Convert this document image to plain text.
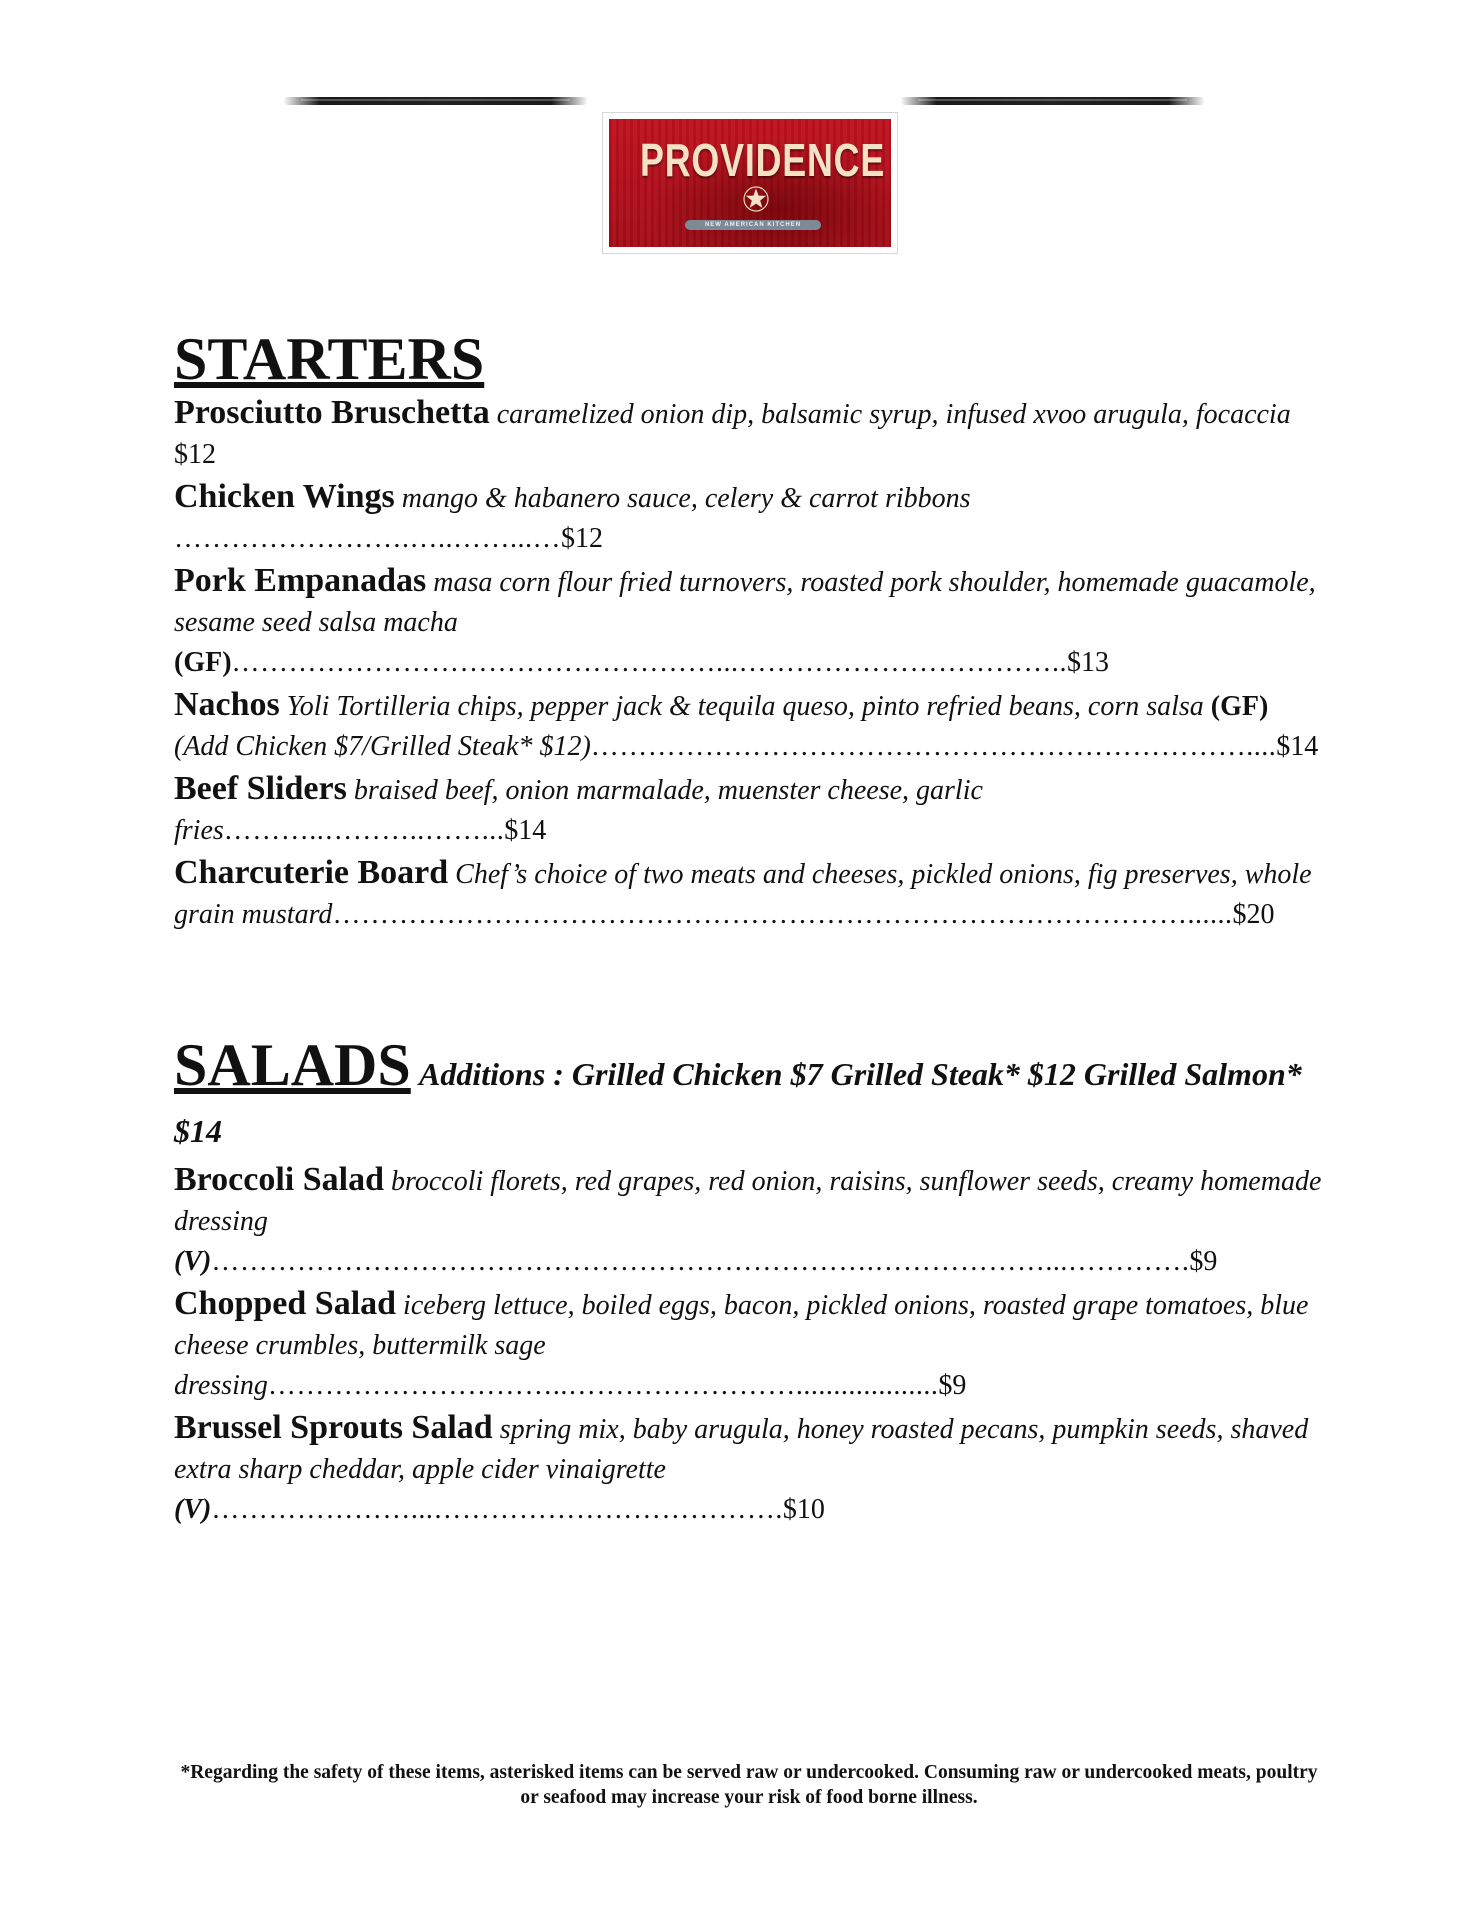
PROVIDENCE
NEW AMERICAN KITCHEN
STARTERS

Prosciutto Bruschetta caramelized onion dip, balsamic syrup, infused xvoo arugula, focaccia $12

Chicken Wings mango & habanero sauce, celery & carrot ribbons
…………………….…..……...…$12

Pork Empanadas masa corn flour fried turnovers, roasted pork shoulder, homemade guacamole, sesame seed salsa macha
(GF)……………………………………………...……………………………..$13

Nachos Yoli Tortilleria chips, pepper jack & tequila queso, pinto refried beans, corn salsa (GF) (Add Chicken $7/Grilled Steak* $12)……………………………………………………………....$14

Beef Sliders braised beef, onion marmalade, muenster cheese, garlic fries………..………..……...$14

Charcuterie Board Chef’s choice of two meats and cheeses, pickled onions, fig preserves, whole grain mustard………………………………………………………………………………......$20

SALADS Additions : Grilled Chicken $7 Grilled Steak* $12 Grilled Salmon* $14

Broccoli Salad broccoli florets, red grapes, red onion, raisins, sunflower seeds, creamy homemade dressing
(V)…………………………………………………………….………………...………….$9

Chopped Salad iceberg lettuce, boiled eggs, bacon, pickled onions, roasted grape tomatoes, blue cheese crumbles, buttermilk sage dressing…………………………..……………………...................$9

Brussel Sprouts Salad spring mix, baby arugula, honey roasted pecans, pumpkin seeds, shaved extra sharp cheddar, apple cider vinaigrette
(V)…………………...……………………………….$10

*Regarding the safety of these items, asterisked items can be served raw or undercooked. Consuming raw or undercooked meats, poultry or seafood may increase your risk of food borne illness.
